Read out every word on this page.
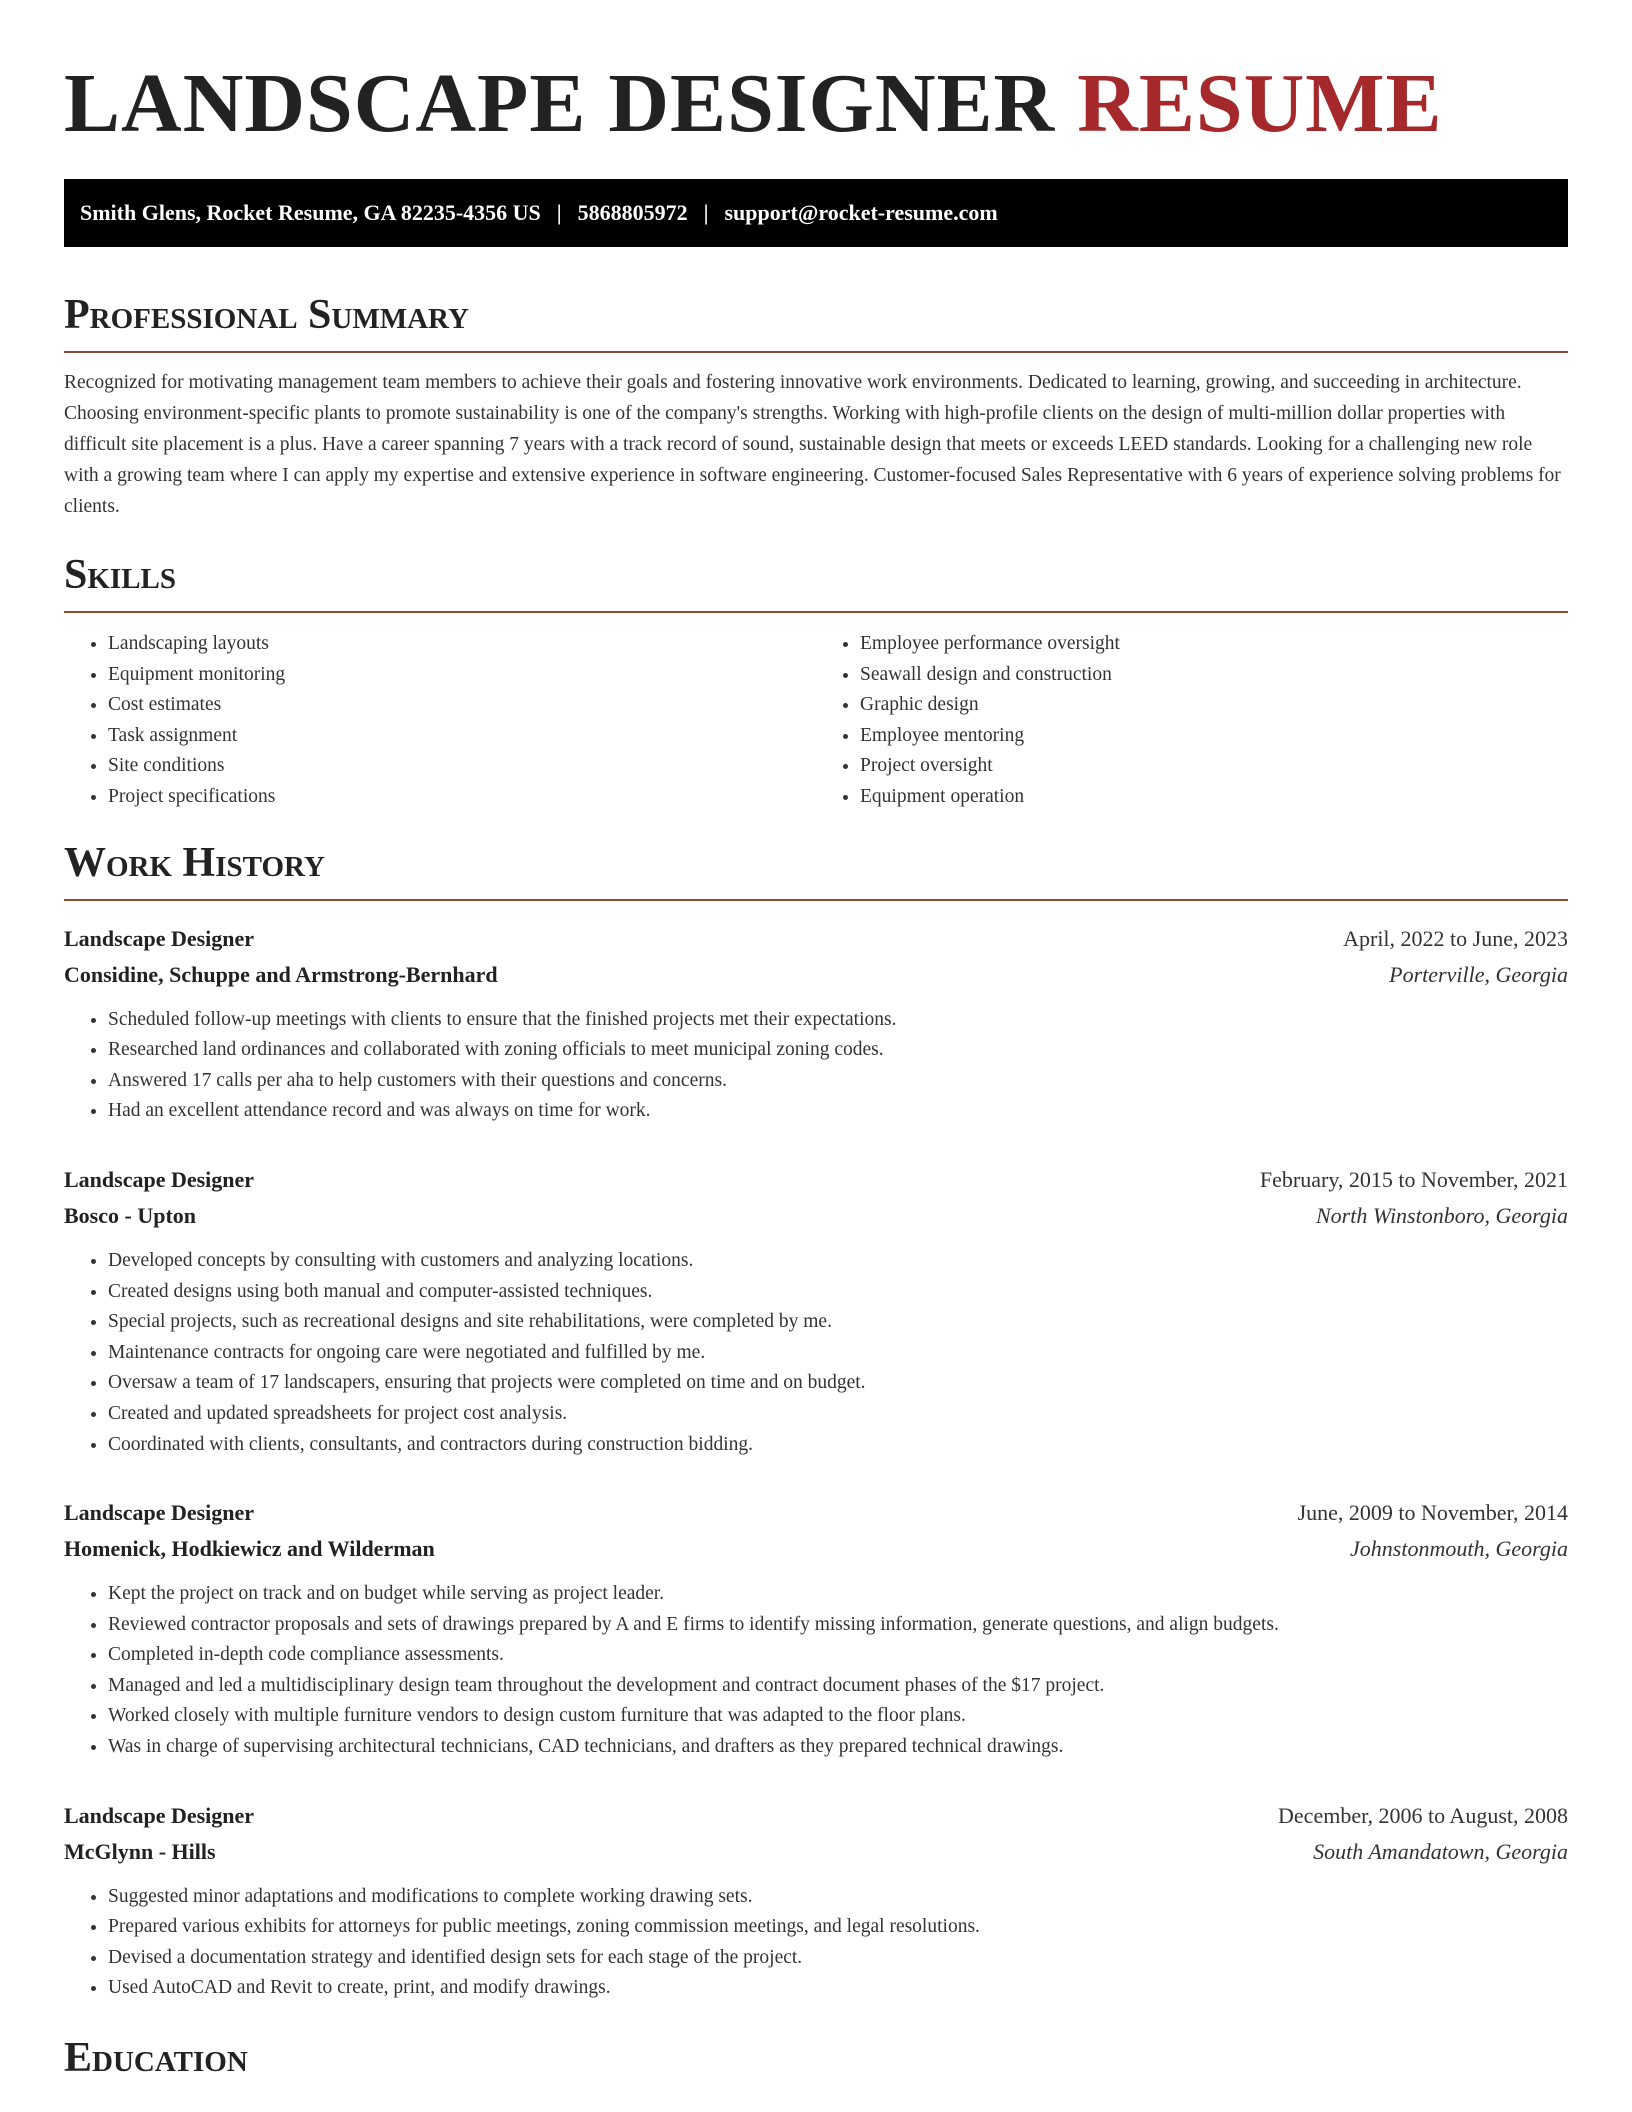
LANDSCAPE DESIGNER RESUME
Smith Glens, Rocket Resume, GA 82235-4356 US | 5868805972 | support@rocket-resume.com
Professional Summary

Recognized for motivating management team members to achieve their goals and fostering innovative work environments. Dedicated to learning, growing, and succeeding in architecture. Choosing environment-specific plants to promote sustainability is one of the company's strengths. Working with high-profile clients on the design of multi-million dollar properties with difficult site placement is a plus. Have a career spanning 7 years with a track record of sound, sustainable design that meets or exceeds LEED standards. Looking for a challenging new role with a growing team where I can apply my expertise and extensive experience in software engineering. Customer-focused Sales Representative with 6 years of experience solving problems for clients.

Skills
• Landscaping layouts
• Equipment monitoring
• Cost estimates
• Task assignment
• Site conditions
• Project specifications
• Employee performance oversight
• Seawall design and construction
• Graphic design
• Employee mentoring
• Project oversight
• Equipment operation
Work History
Landscape Designer	April, 2022 to June, 2023
Considine, Schuppe and Armstrong-Bernhard	Porterville, Georgia
• Scheduled follow-up meetings with clients to ensure that the finished projects met their expectations.
• Researched land ordinances and collaborated with zoning officials to meet municipal zoning codes.
• Answered 17 calls per aha to help customers with their questions and concerns.
• Had an excellent attendance record and was always on time for work.
Landscape Designer	February, 2015 to November, 2021
Bosco - Upton	North Winstonboro, Georgia
• Developed concepts by consulting with customers and analyzing locations.
• Created designs using both manual and computer-assisted techniques.
• Special projects, such as recreational designs and site rehabilitations, were completed by me.
• Maintenance contracts for ongoing care were negotiated and fulfilled by me.
• Oversaw a team of 17 landscapers, ensuring that projects were completed on time and on budget.
• Created and updated spreadsheets for project cost analysis.
• Coordinated with clients, consultants, and contractors during construction bidding.
Landscape Designer	June, 2009 to November, 2014
Homenick, Hodkiewicz and Wilderman	Johnstonmouth, Georgia
• Kept the project on track and on budget while serving as project leader.
• Reviewed contractor proposals and sets of drawings prepared by A and E firms to identify missing information, generate questions, and align budgets.
• Completed in-depth code compliance assessments.
• Managed and led a multidisciplinary design team throughout the development and contract document phases of the $17 project.
• Worked closely with multiple furniture vendors to design custom furniture that was adapted to the floor plans.
• Was in charge of supervising architectural technicians, CAD technicians, and drafters as they prepared technical drawings.
Landscape Designer	December, 2006 to August, 2008
McGlynn - Hills	South Amandatown, Georgia
• Suggested minor adaptations and modifications to complete working drawing sets.
• Prepared various exhibits for attorneys for public meetings, zoning commission meetings, and legal resolutions.
• Devised a documentation strategy and identified design sets for each stage of the project.
• Used AutoCAD and Revit to create, print, and modify drawings.
Education
